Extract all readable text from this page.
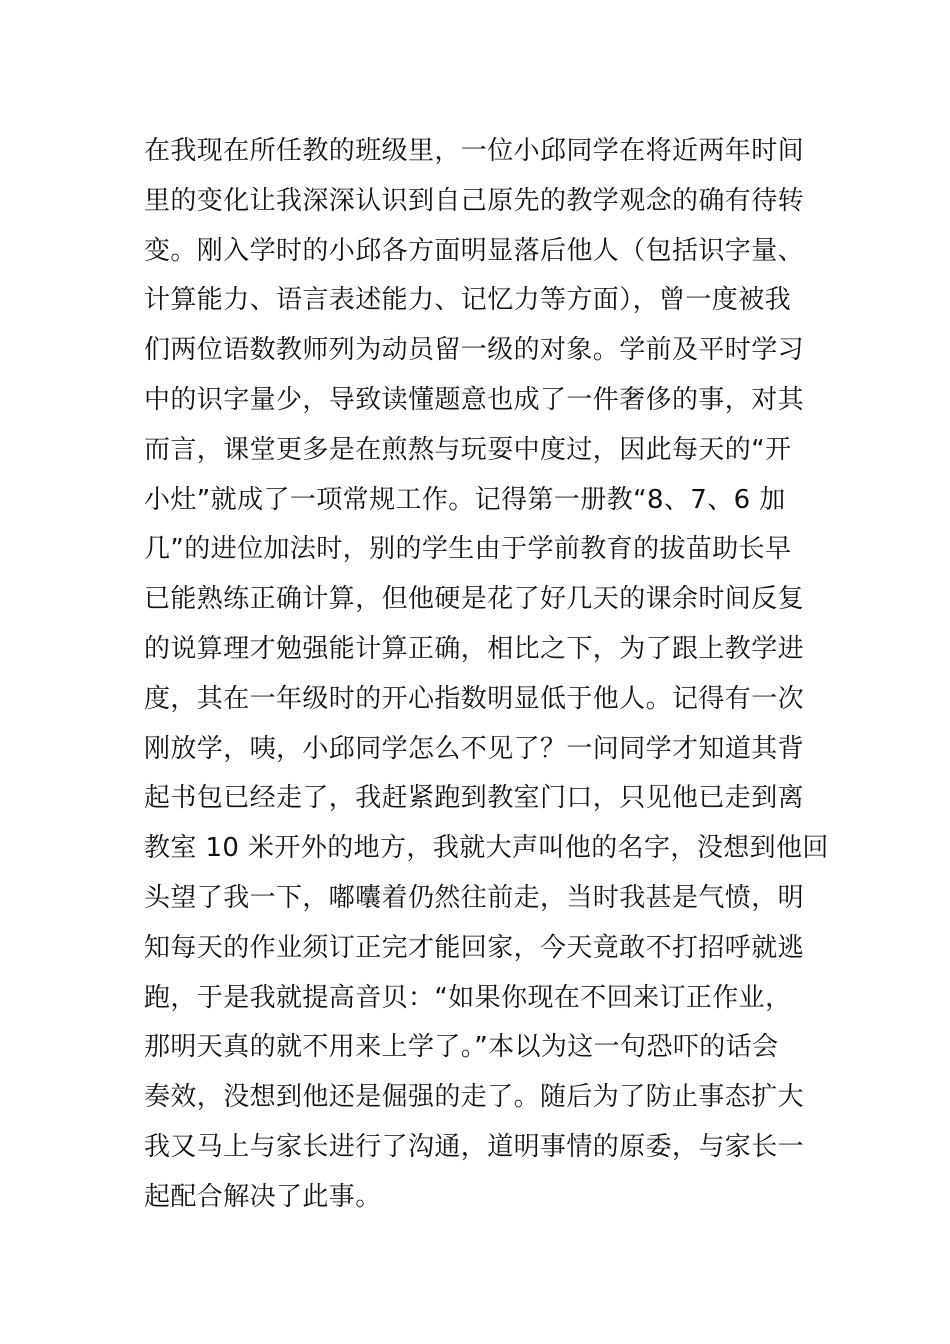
在我现在所任教的班级里，一位小邱同学在将近两年时间
里的变化让我深深认识到自己原先的教学观念的确有待转
变。刚入学时的小邱各方面明显落后他人（包括识字量、
计算能力、语言表述能力、记忆力等方面），曾一度被我
们两位语数教师列为动员留一级的对象。学前及平时学习
中的识字量少，导致读懂题意也成了一件奢侈的事，对其
而言，课堂更多是在煎熬与玩耍中度过，因此每天的“开
小灶”就成了一项常规工作。记得第一册教“8、7、6 加
几”的进位加法时，别的学生由于学前教育的拔苗助长早
已能熟练正确计算，但他硬是花了好几天的课余时间反复
的说算理才勉强能计算正确，相比之下，为了跟上教学进
度，其在一年级时的开心指数明显低于他人。记得有一次
刚放学，咦，小邱同学怎么不见了？一问同学才知道其背
起书包已经走了，我赶紧跑到教室门口，只见他已走到离
教室 10 米开外的地方，我就大声叫他的名字，没想到他回
头望了我一下，嘟囔着仍然往前走，当时我甚是气愤，明
知每天的作业须订正完才能回家，今天竟敢不打招呼就逃
跑，于是我就提高音贝：“如果你现在不回来订正作业，
那明天真的就不用来上学了。”本以为这一句恐吓的话会
奏效，没想到他还是倔强的走了。随后为了防止事态扩大
我又马上与家长进行了沟通，道明事情的原委，与家长一
起配合解决了此事。
